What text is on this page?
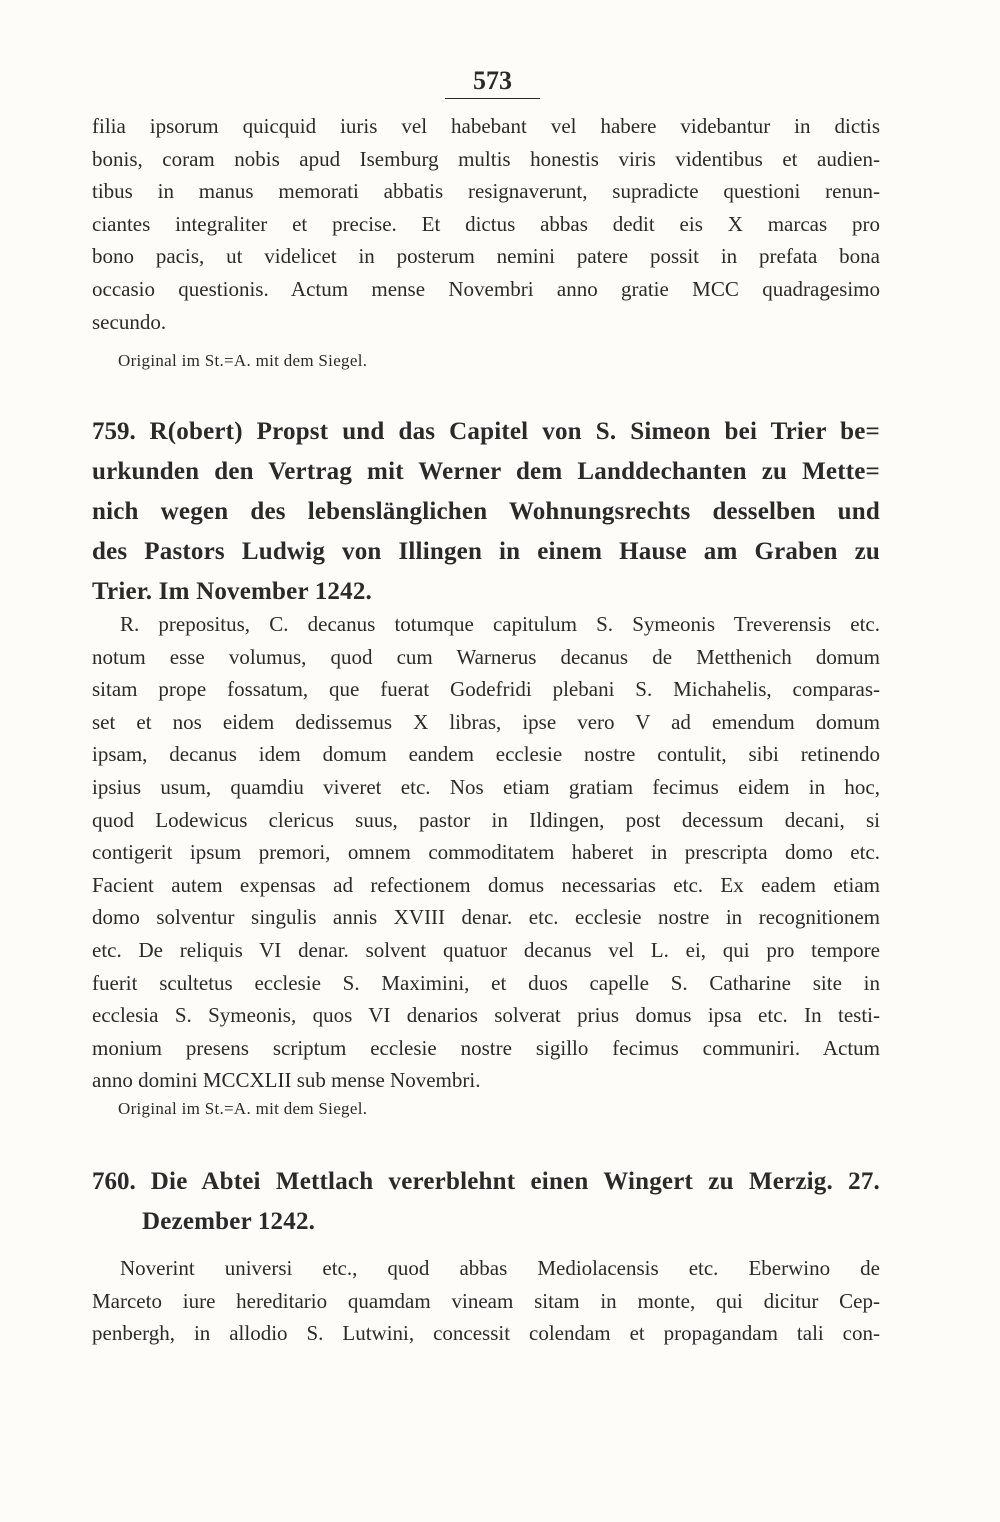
573
filia ipsorum quicquid iuris vel habebant vel habere videbantur in dictis
bonis, coram nobis apud Isemburg multis honestis viris videntibus et audien-
tibus in manus memorati abbatis resignaverunt, supradicte questioni renun-
ciantes integraliter et precise. Et dictus abbas dedit eis X marcas pro
bono pacis, ut videlicet in posterum nemini patere possit in prefata bona
occasio questionis. Actum mense Novembri anno gratie MCC quadragesimo
secundo.
Original im St.=A. mit dem Siegel.
759. R(obert) Propst und das Capitel von S. Simeon bei Trier be=
urkunden den Vertrag mit Werner dem Landdechanten zu Mette=
nich wegen des lebenslänglichen Wohnungsrechts desselben und
des Pastors Ludwig von Illingen in einem Hause am Graben zu
Trier. Im November 1242.
R. prepositus, C. decanus totumque capitulum S. Symeonis Treverensis etc.
notum esse volumus, quod cum Warnerus decanus de Metthenich domum
sitam prope fossatum, que fuerat Godefridi plebani S. Michahelis, comparas-
set et nos eidem dedissemus X libras, ipse vero V ad emendum domum
ipsam, decanus idem domum eandem ecclesie nostre contulit, sibi retinendo
ipsius usum, quamdiu viveret etc. Nos etiam gratiam fecimus eidem in hoc,
quod Lodewicus clericus suus, pastor in Ildingen, post decessum decani, si
contigerit ipsum premori, omnem commoditatem haberet in prescripta domo etc.
Facient autem expensas ad refectionem domus necessarias etc. Ex eadem etiam
domo solventur singulis annis XVIII denar. etc. ecclesie nostre in recognitionem
etc. De reliquis VI denar. solvent quatuor decanus vel L. ei, qui pro tempore
fuerit scultetus ecclesie S. Maximini, et duos capelle S. Catharine site in
ecclesia S. Symeonis, quos VI denarios solverat prius domus ipsa etc. In testi-
monium presens scriptum ecclesie nostre sigillo fecimus communiri. Actum
anno domini MCCXLII sub mense Novembri.
Original im St.=A. mit dem Siegel.
760. Die Abtei Mettlach vererblehnt einen Wingert zu Merzig. 27.
Dezember 1242.
Noverint universi etc., quod abbas Mediolacensis etc. Eberwino de
Marceto iure hereditario quamdam vineam sitam in monte, qui dicitur Cep-
penbergh, in allodio S. Lutwini, concessit colendam et propagandam tali con-
